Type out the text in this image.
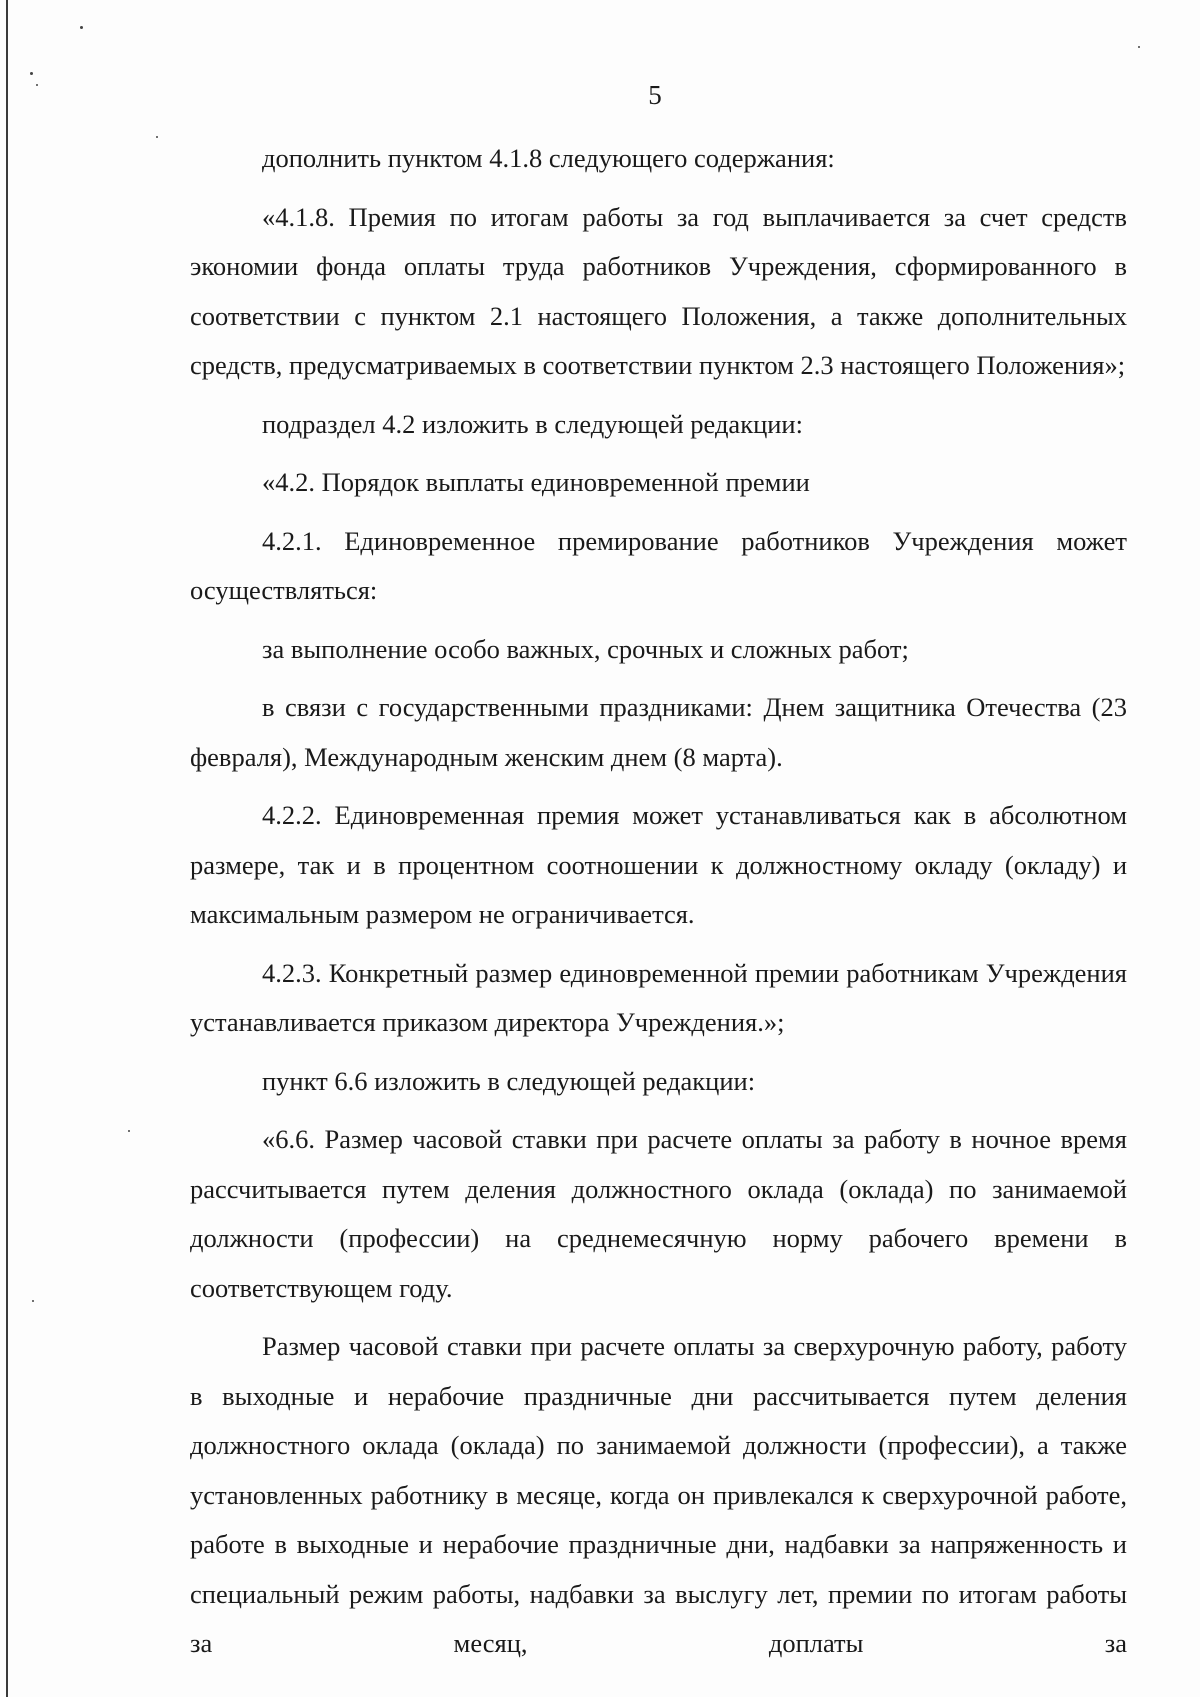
5

дополнить пунктом 4.1.8 следующего содержания:

«4.1.8. Премия по итогам работы за год выплачивается за счет средств экономии фонда оплаты труда работников Учреждения, сформированного в соответствии с пунктом 2.1 настоящего Положения, а также дополнительных средств, предусматриваемых в соответствии пунктом 2.3 настоящего Положения»;

подраздел 4.2 изложить в следующей редакции:

«4.2. Порядок выплаты единовременной премии

4.2.1. Единовременное премирование работников Учреждения может осуществляться:

за выполнение особо важных, срочных и сложных работ;

в связи с государственными праздниками: Днем защитника Отечества (23 февраля), Международным женским днем (8 марта).

4.2.2. Единовременная премия может устанавливаться как в абсолютном размере, так и в процентном соотношении к должностному окладу (окладу) и максимальным размером не ограничивается.

4.2.3. Конкретный размер единовременной премии работникам Учреждения устанавливается приказом директора Учреждения.»;

пункт 6.6 изложить в следующей редакции:

«6.6. Размер часовой ставки при расчете оплаты за работу в ночное время рассчитывается путем деления должностного оклада (оклада) по занимаемой должности (профессии) на среднемесячную норму рабочего времени в соответствующем году.

Размер часовой ставки при расчете оплаты за сверхурочную работу, работу в выходные и нерабочие праздничные дни рассчитывается путем деления должностного оклада (оклада) по занимаемой должности (профессии), а также установленных работнику в месяце, когда он привлекался к сверхурочной работе, работе в выходные и нерабочие праздничные дни, надбавки за напряженность и специальный режим работы, надбавки за выслугу лет, премии по итогам работы за месяц, доплаты за
